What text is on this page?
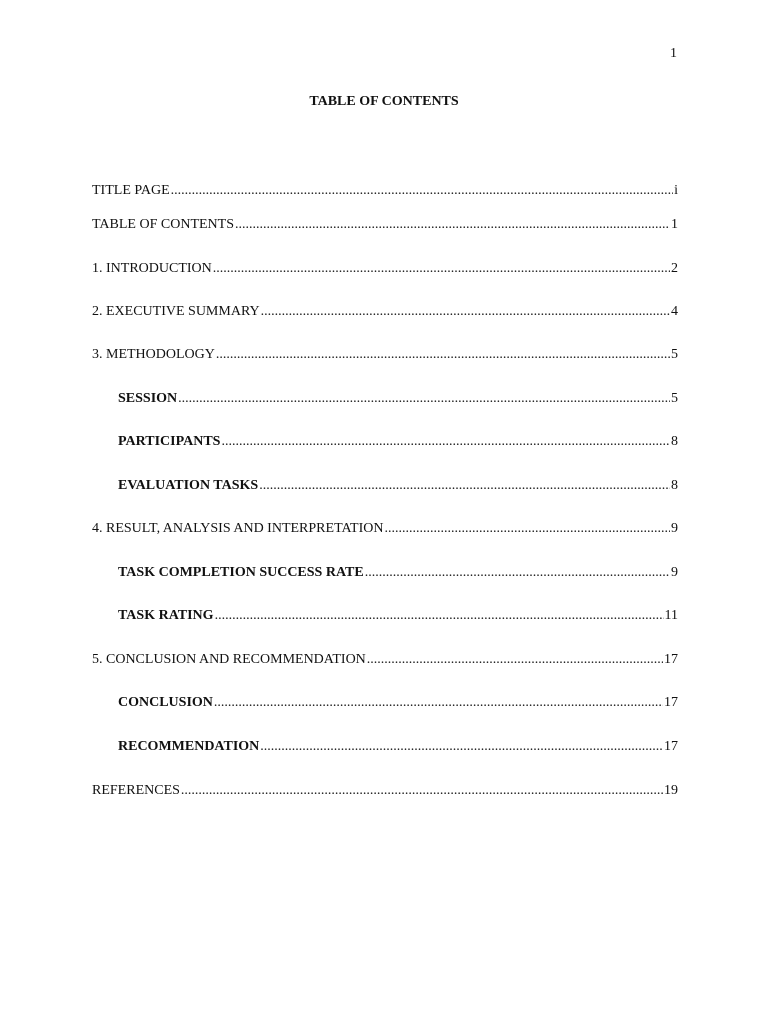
1
TABLE OF CONTENTS
TITLE PAGE .....	i
TABLE OF CONTENTS .....	1
1. INTRODUCTION .....	2
2. EXECUTIVE SUMMARY .....	4
3. METHODOLOGY .....	5
SESSION .....	5
PARTICIPANTS .....	8
EVALUATION TASKS .....	8
4. RESULT, ANALYSIS AND INTERPRETATION .....	9
TASK COMPLETION SUCCESS RATE .....	9
TASK RATING .....	11
5. CONCLUSION AND RECOMMENDATION .....	17
CONCLUSION .....	17
RECOMMENDATION .....	17
REFERENCES .....	19
